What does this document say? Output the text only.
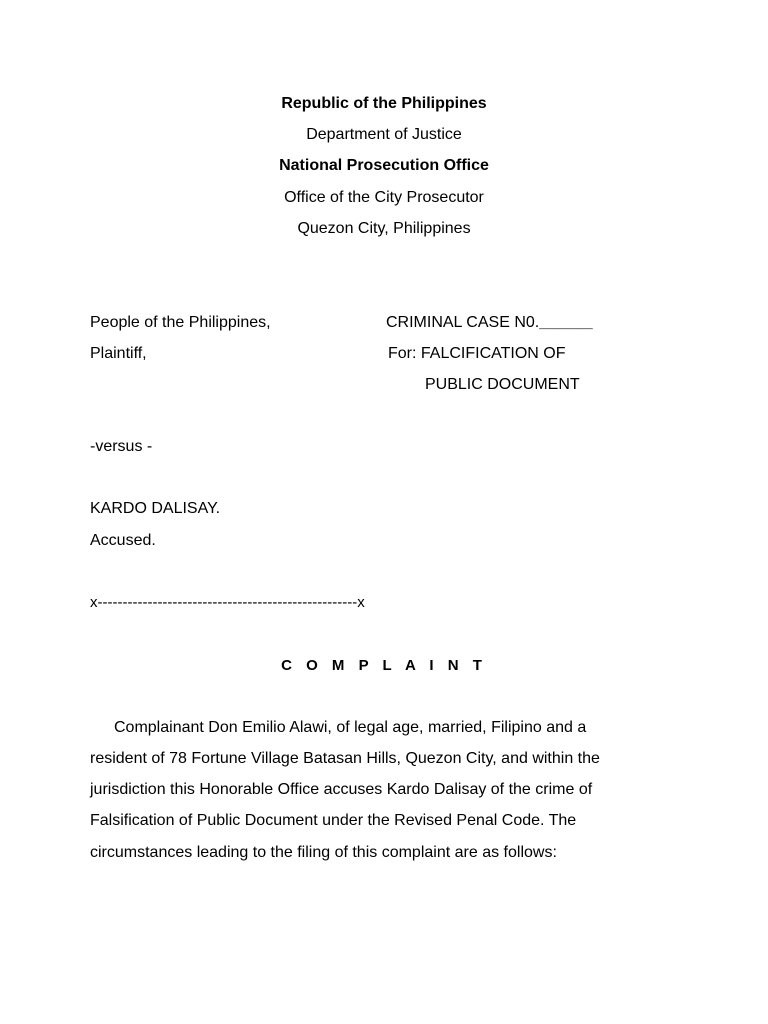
Republic of the Philippines
Department of Justice
National Prosecution Office
Office of the City Prosecutor
Quezon City, Philippines
People of the Philippines,	CRIMINAL CASE N0.______
Plaintiff,	For: FALCIFICATION OF
PUBLIC DOCUMENT
-versus -
KARDO DALISAY.
Accused.
x----------------------------------------------------x
C O M P L A I N T
Complainant Don Emilio Alawi, of legal age, married, Filipino and a
resident of 78 Fortune Village Batasan Hills, Quezon City, and within the
jurisdiction this Honorable Office accuses Kardo Dalisay of the crime of
Falsification of Public Document under the Revised Penal Code. The
circumstances leading to the filing of this complaint are as follows:
